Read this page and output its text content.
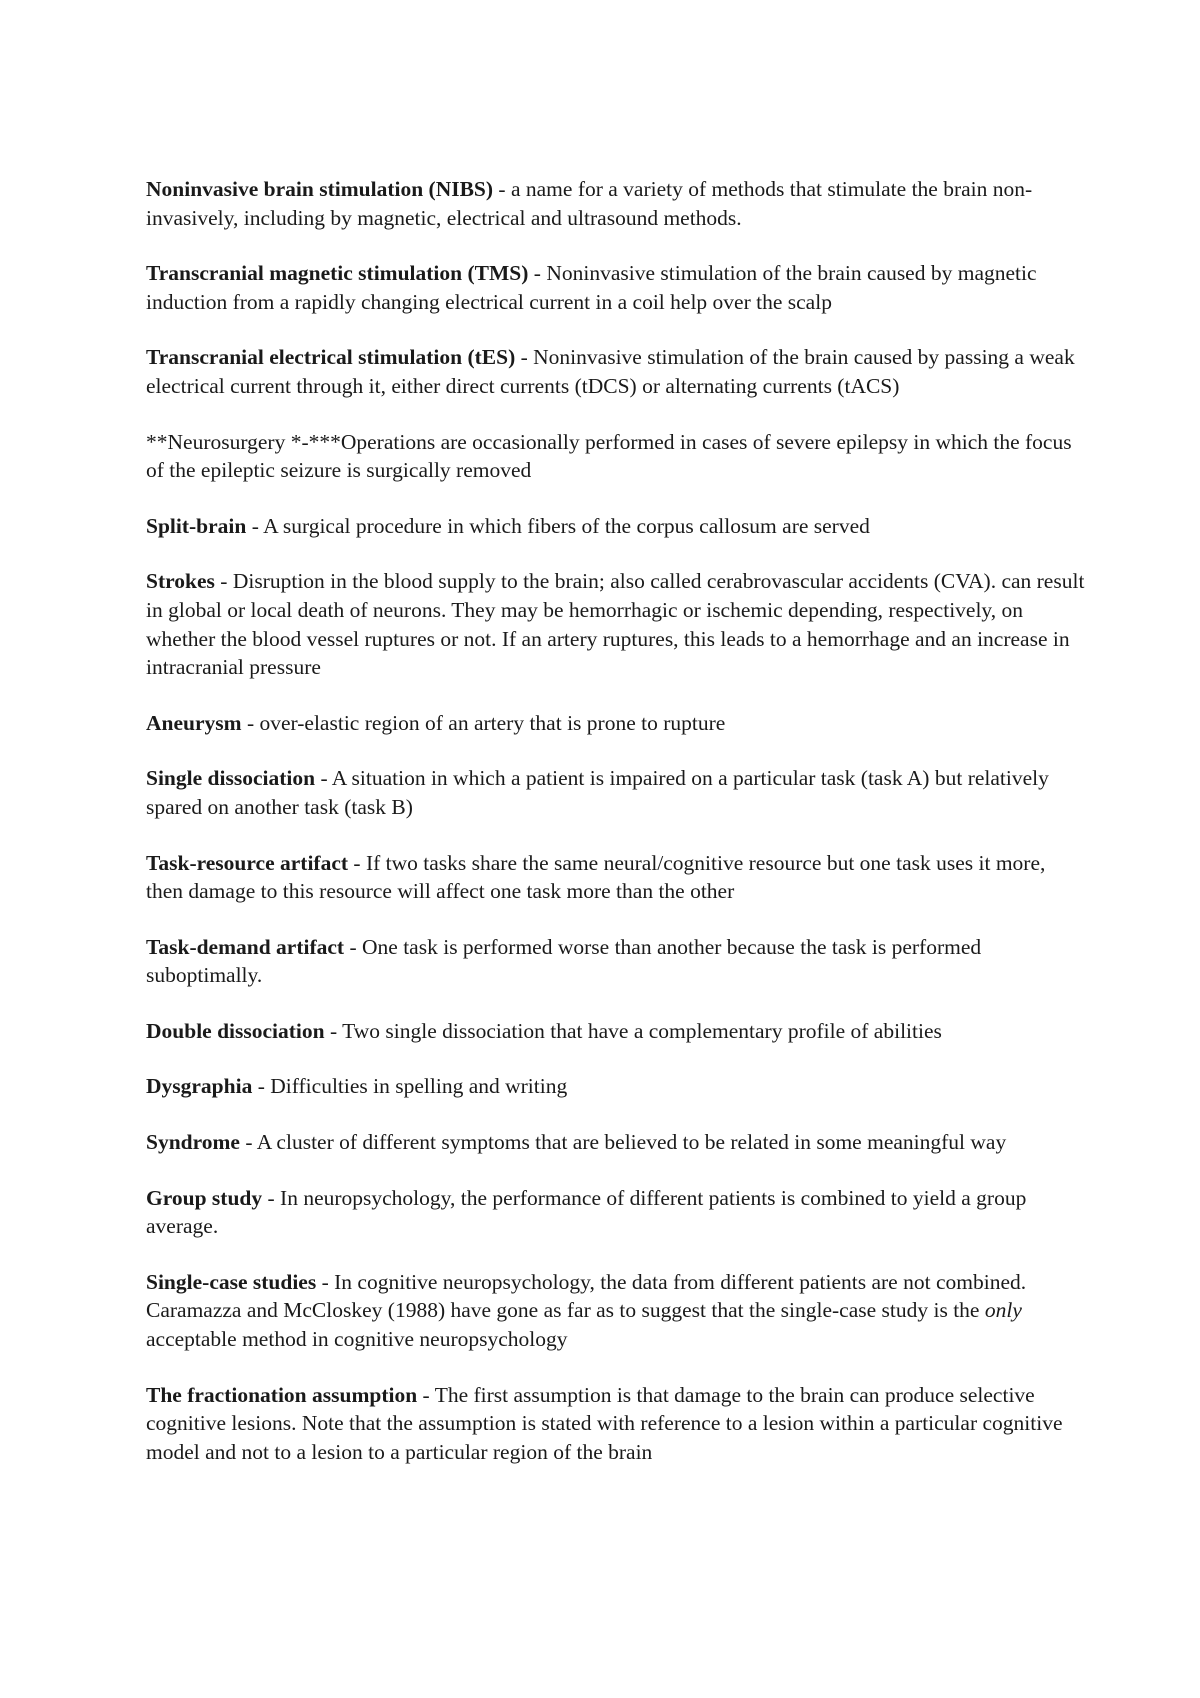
Noninvasive brain stimulation (NIBS) - a name for a variety of methods that stimulate the brain non-invasively, including by magnetic, electrical and ultrasound methods.

Transcranial magnetic stimulation (TMS) - Noninvasive stimulation of the brain caused by magnetic induction from a rapidly changing electrical current in a coil help over the scalp

Transcranial electrical stimulation (tES) - Noninvasive stimulation of the brain caused by passing a weak electrical current through it, either direct currents (tDCS) or alternating currents (tACS)

**Neurosurgery *-***Operations are occasionally performed in cases of severe epilepsy in which the focus of the epileptic seizure is surgically removed

Split-brain - A surgical procedure in which fibers of the corpus callosum are served

Strokes - Disruption in the blood supply to the brain; also called cerabrovascular accidents (CVA). can result in global or local death of neurons. They may be hemorrhagic or ischemic depending, respectively, on whether the blood vessel ruptures or not. If an artery ruptures, this leads to a hemorrhage and an increase in intracranial pressure

Aneurysm - over-elastic region of an artery that is prone to rupture

Single dissociation - A situation in which a patient is impaired on a particular task (task A) but relatively spared on another task (task B)

Task-resource artifact - If two tasks share the same neural/cognitive resource but one task uses it more, then damage to this resource will affect one task more than the other

Task-demand artifact - One task is performed worse than another because the task is performed suboptimally.

Double dissociation - Two single dissociation that have a complementary profile of abilities

Dysgraphia - Difficulties in spelling and writing

Syndrome - A cluster of different symptoms that are believed to be related in some meaningful way

Group study - In neuropsychology, the performance of different patients is combined to yield a group average.

Single-case studies - In cognitive neuropsychology, the data from different patients are not combined. Caramazza and McCloskey (1988) have gone as far as to suggest that the single-case study is the only acceptable method in cognitive neuropsychology

The fractionation assumption - The first assumption is that damage to the brain can produce selective cognitive lesions. Note that the assumption is stated with reference to a lesion within a particular cognitive model and not to a lesion to a particular region of the brain
